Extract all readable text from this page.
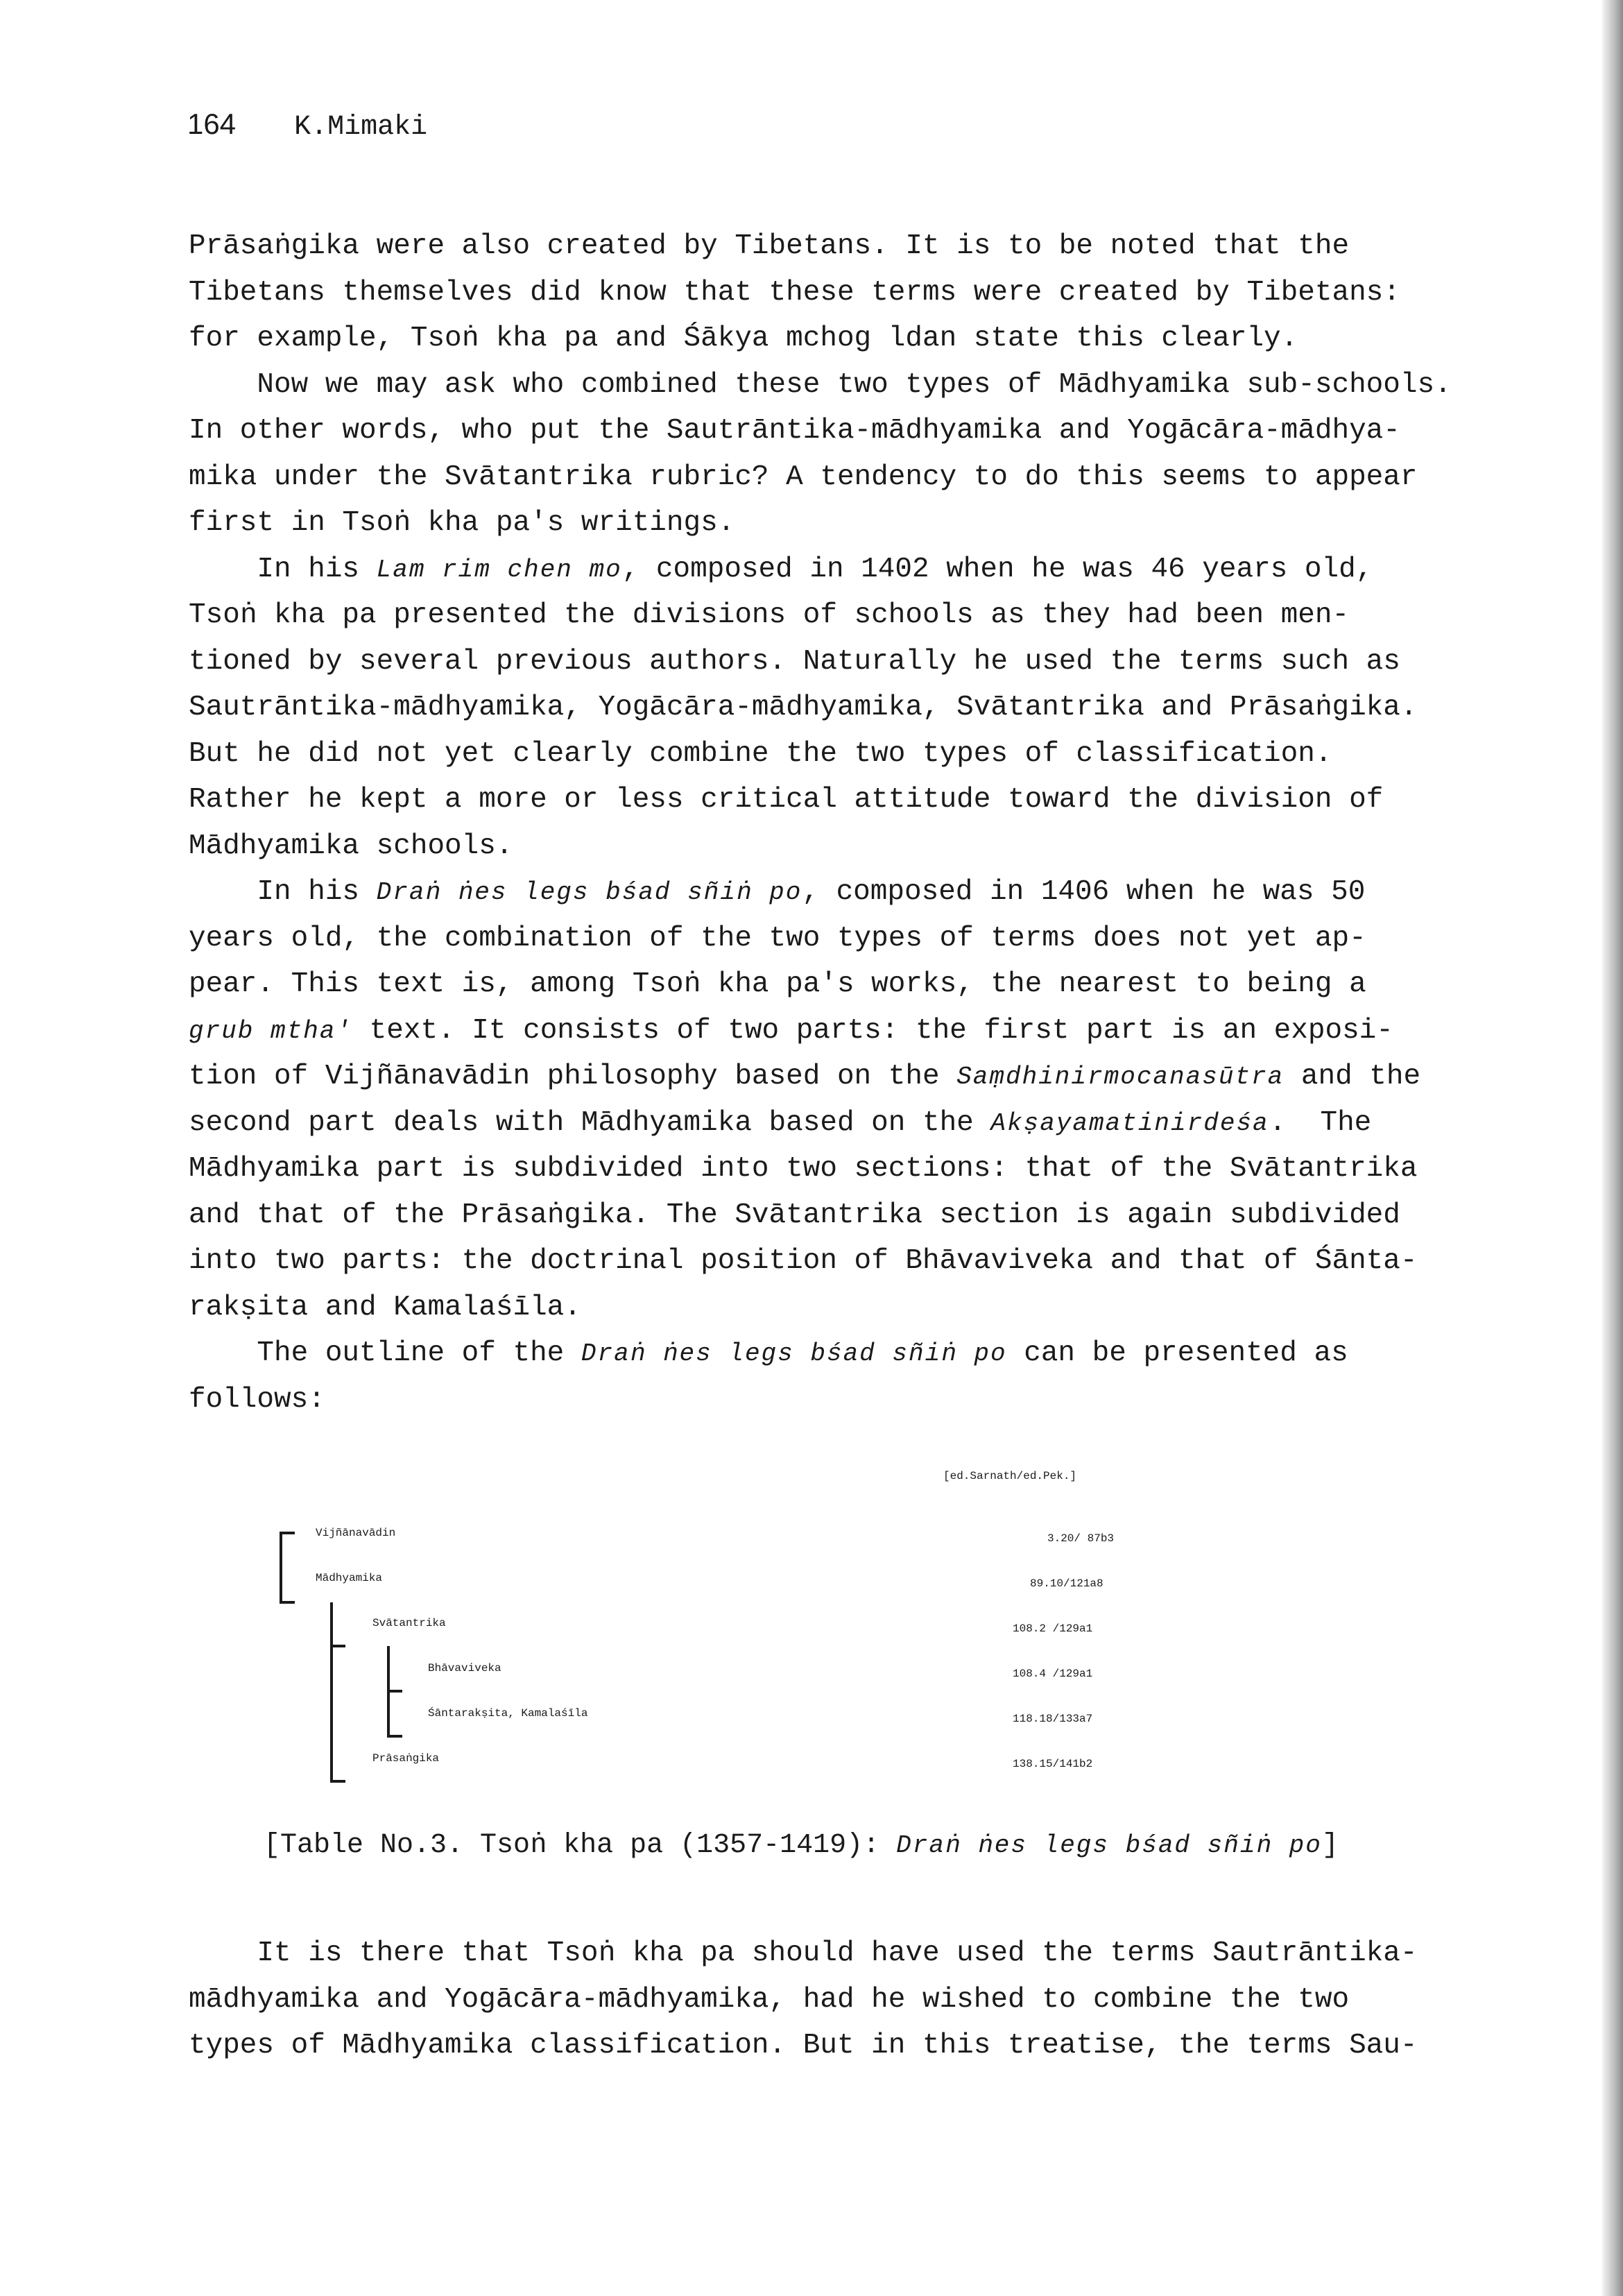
164 K.Mimaki
Prāsaṅgika were also created by Tibetans. It is to be noted that the
Tibetans themselves did know that these terms were created by Tibetans:
for example, Tsoṅ kha pa and Śākya mchog ldan state this clearly.
Now we may ask who combined these two types of Mādhyamika sub-schools.
In other words, who put the Sautrāntika-mādhyamika and Yogācāra-mādhya-
mika under the Svātantrika rubric? A tendency to do this seems to appear
first in Tsoṅ kha pa's writings.
In his Lam rim chen mo, composed in 1402 when he was 46 years old,
Tsoṅ kha pa presented the divisions of schools as they had been men-
tioned by several previous authors. Naturally he used the terms such as
Sautrāntika-mādhyamika, Yogācāra-mādhyamika, Svātantrika and Prāsaṅgika.
But he did not yet clearly combine the two types of classification.
Rather he kept a more or less critical attitude toward the division of
Mādhyamika schools.
In his Draṅ ṅes legs bśad sñiṅ po, composed in 1406 when he was 50
years old, the combination of the two types of terms does not yet ap-
pear. This text is, among Tsoṅ kha pa's works, the nearest to being a
grub mtha' text. It consists of two parts: the first part is an exposi-
tion of Vijñānavādin philosophy based on the Saṃdhinirmocanasūtra and the
second part deals with Mādhyamika based on the Akṣayamatinirdeśa.  The
Mādhyamika part is subdivided into two sections: that of the Svātantrika
and that of the Prāsaṅgika. The Svātantrika section is again subdivided
into two parts: the doctrinal position of Bhāvaviveka and that of Śānta-
rakṣita and Kamalaśīla.
The outline of the Draṅ ṅes legs bśad sñiṅ po can be presented as
follows:
[ed.Sarnath/ed.Pek.]
Vijñānavādin	3.20/ 87b3
Mādhyamika	89.10/121a8
Svātantrika	108.2 /129a1
Bhāvaviveka	108.4 /129a1
Śāntarakṣita, Kamalaśīla	118.18/133a7
Prāsaṅgika	138.15/141b2
[Table No.3. Tsoṅ kha pa (1357-1419): Draṅ ṅes legs bśad sñiṅ po]
It is there that Tsoṅ kha pa should have used the terms Sautrāntika-
mādhyamika and Yogācāra-mādhyamika, had he wished to combine the two
types of Mādhyamika classification. But in this treatise, the terms Sau-
